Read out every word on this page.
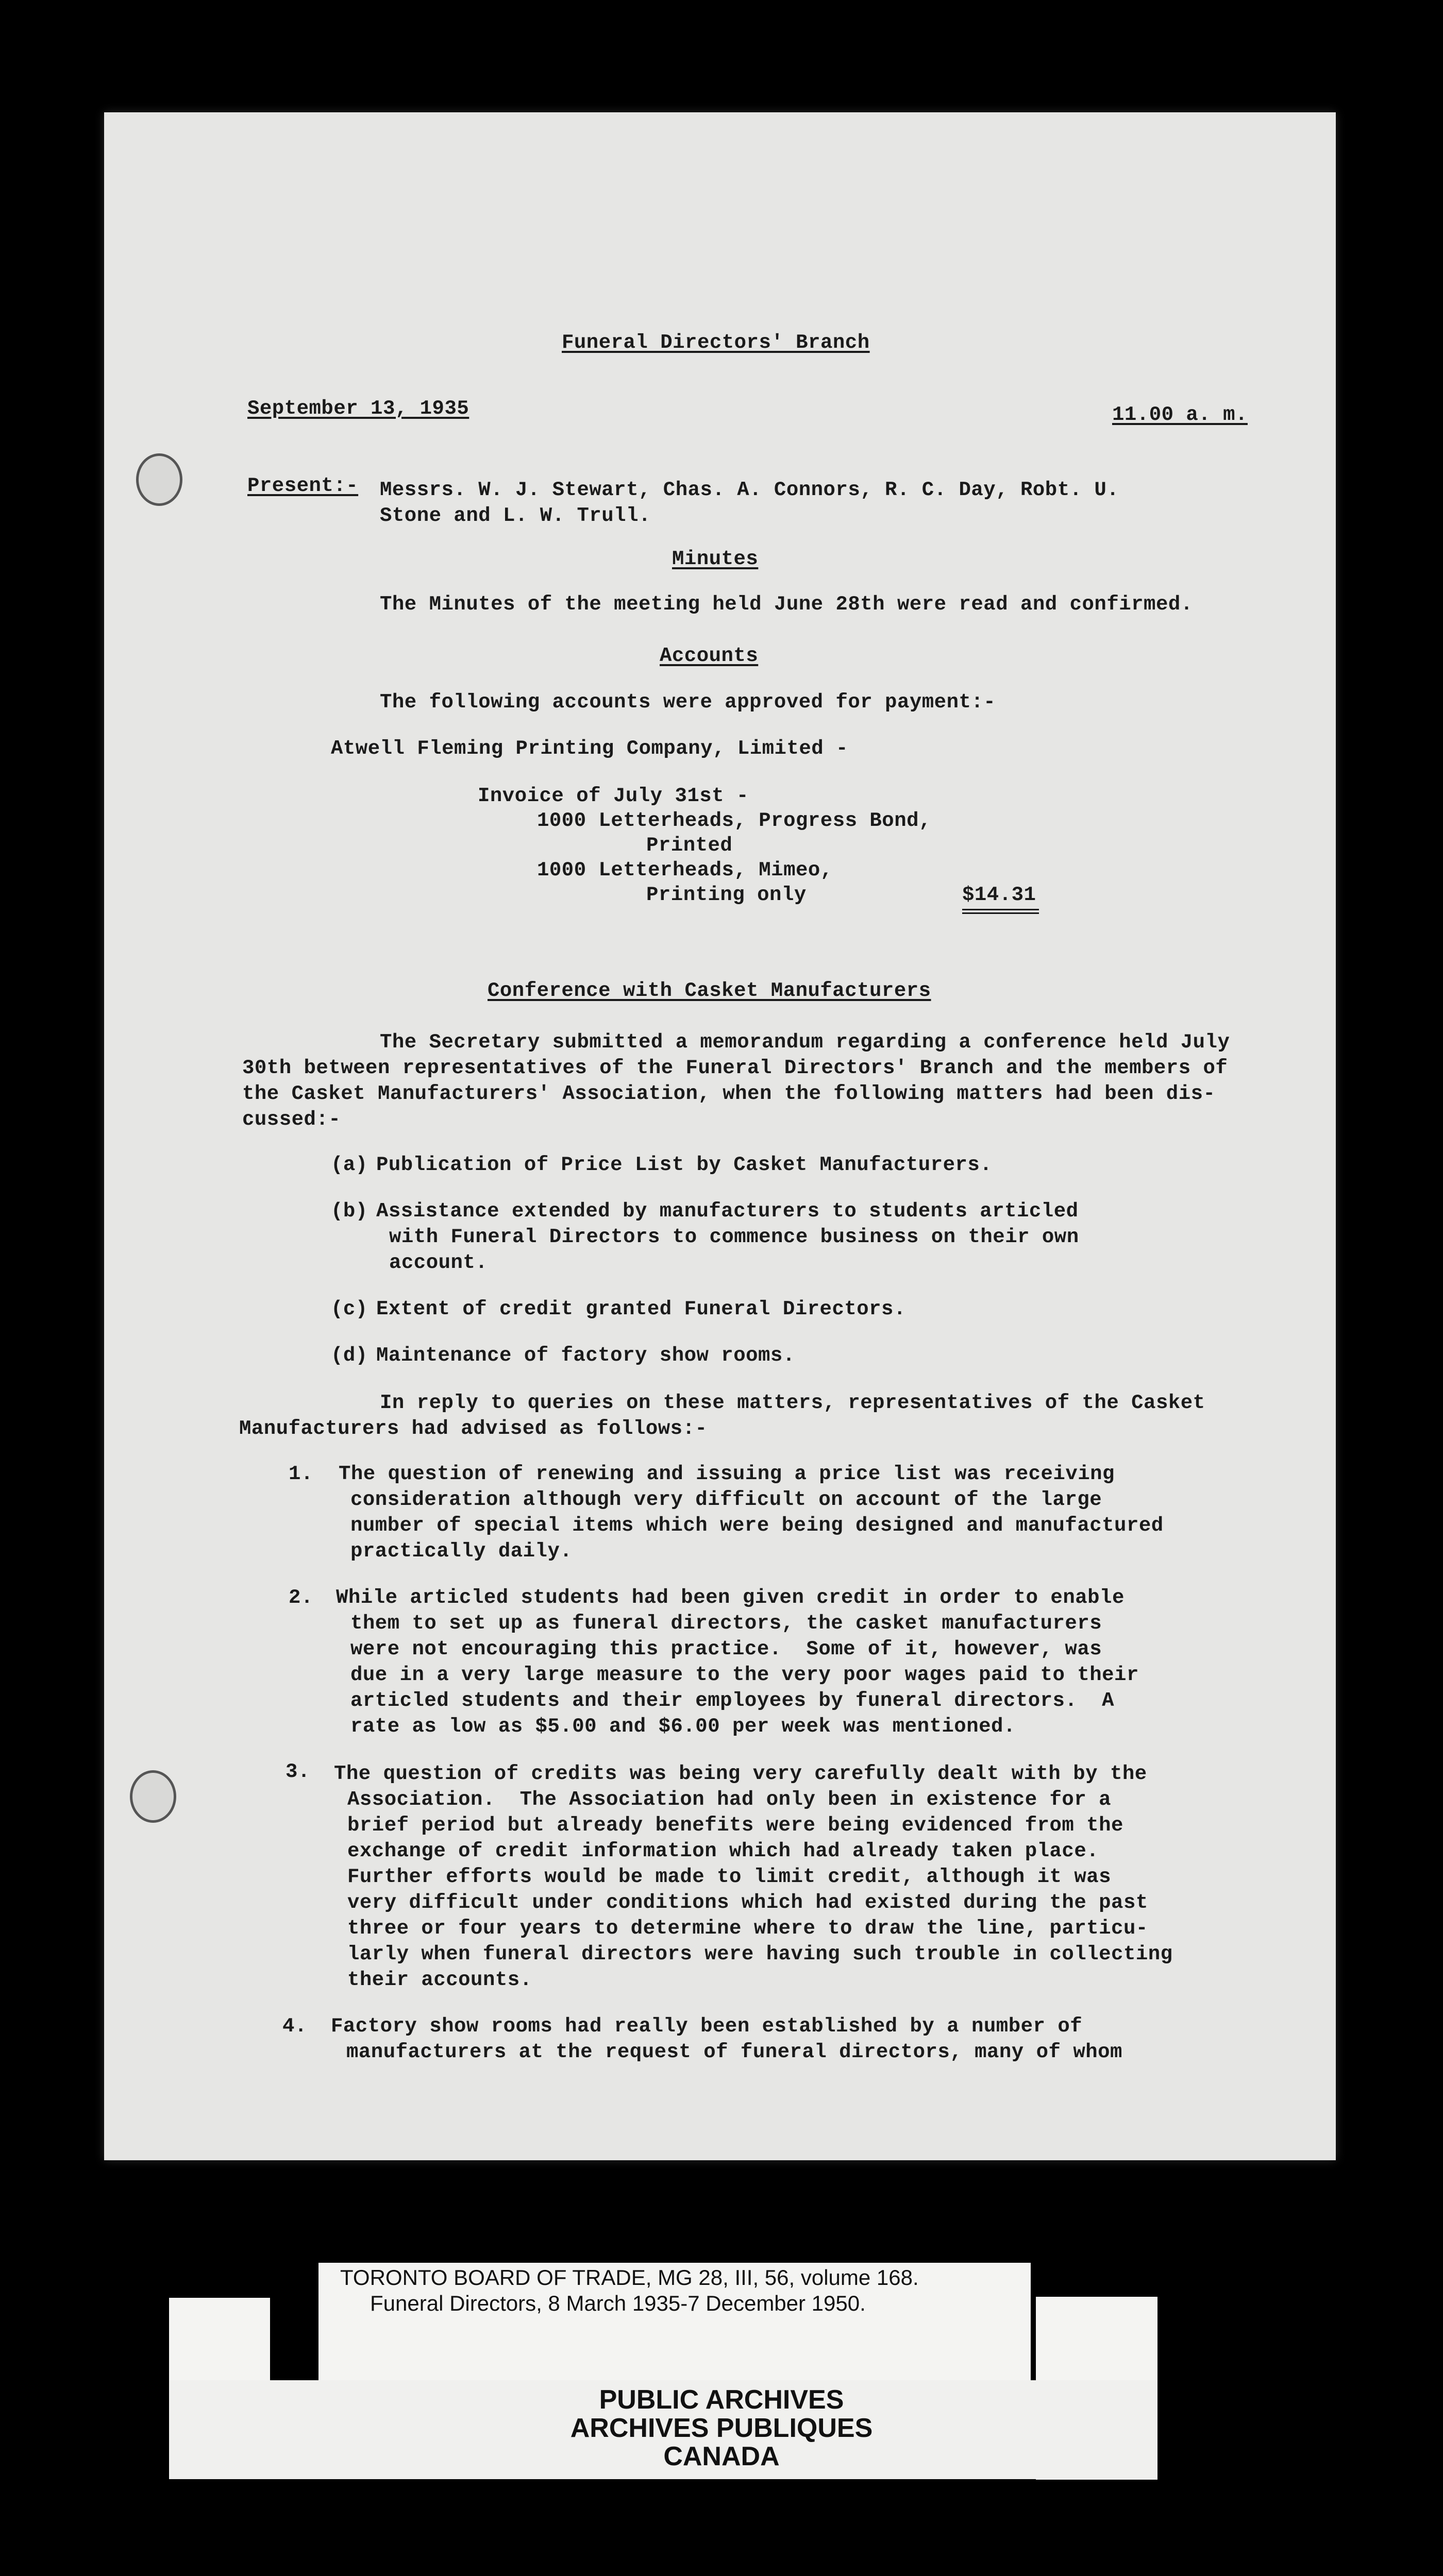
Funeral Directors' Branch
September 13, 1935	11.00 a. m.
Present:- Messrs. W. J. Stewart, Chas. A. Connors, R. C. Day, Robt. U.
Stone and L. W. Trull.
Minutes
The Minutes of the meeting held June 28th were read and confirmed.
Accounts
The following accounts were approved for payment:-
Atwell Fleming Printing Company, Limited -
Invoice of July 31st -
1000 Letterheads, Progress Bond,
Printed
1000 Letterheads, Mimeo,
Printing only	$14.31
Conference with Casket Manufacturers
The Secretary submitted a memorandum regarding a conference held July
30th between representatives of the Funeral Directors' Branch and the members of
the Casket Manufacturers' Association, when the following matters had been dis-
cussed:-
(a) Publication of Price List by Casket Manufacturers.
(b) Assistance extended by manufacturers to students articled
with Funeral Directors to commence business on their own
account.
(c) Extent of credit granted Funeral Directors.
(d) Maintenance of factory show rooms.
In reply to queries on these matters, representatives of the Casket
Manufacturers had advised as follows:-
1. The question of renewing and issuing a price list was receiving
consideration although very difficult on account of the large
number of special items which were being designed and manufactured
practically daily.
2. While articled students had been given credit in order to enable
them to set up as funeral directors, the casket manufacturers
were not encouraging this practice.  Some of it, however, was
due in a very large measure to the very poor wages paid to their
articled students and their employees by funeral directors.  A
rate as low as $5.00 and $6.00 per week was mentioned.
3. The question of credits was being very carefully dealt with by the
Association.  The Association had only been in existence for a
brief period but already benefits were being evidenced from the
exchange of credit information which had already taken place.
Further efforts would be made to limit credit, although it was
very difficult under conditions which had existed during the past
three or four years to determine where to draw the line, particu-
larly when funeral directors were having such trouble in collecting
their accounts.
4. Factory show rooms had really been established by a number of
manufacturers at the request of funeral directors, many of whom
TORONTO BOARD OF TRADE, MG 28, III, 56, volume 168.
Funeral Directors, 8 March 1935-7 December 1950.
PUBLIC ARCHIVES
ARCHIVES PUBLIQUES
CANADA
